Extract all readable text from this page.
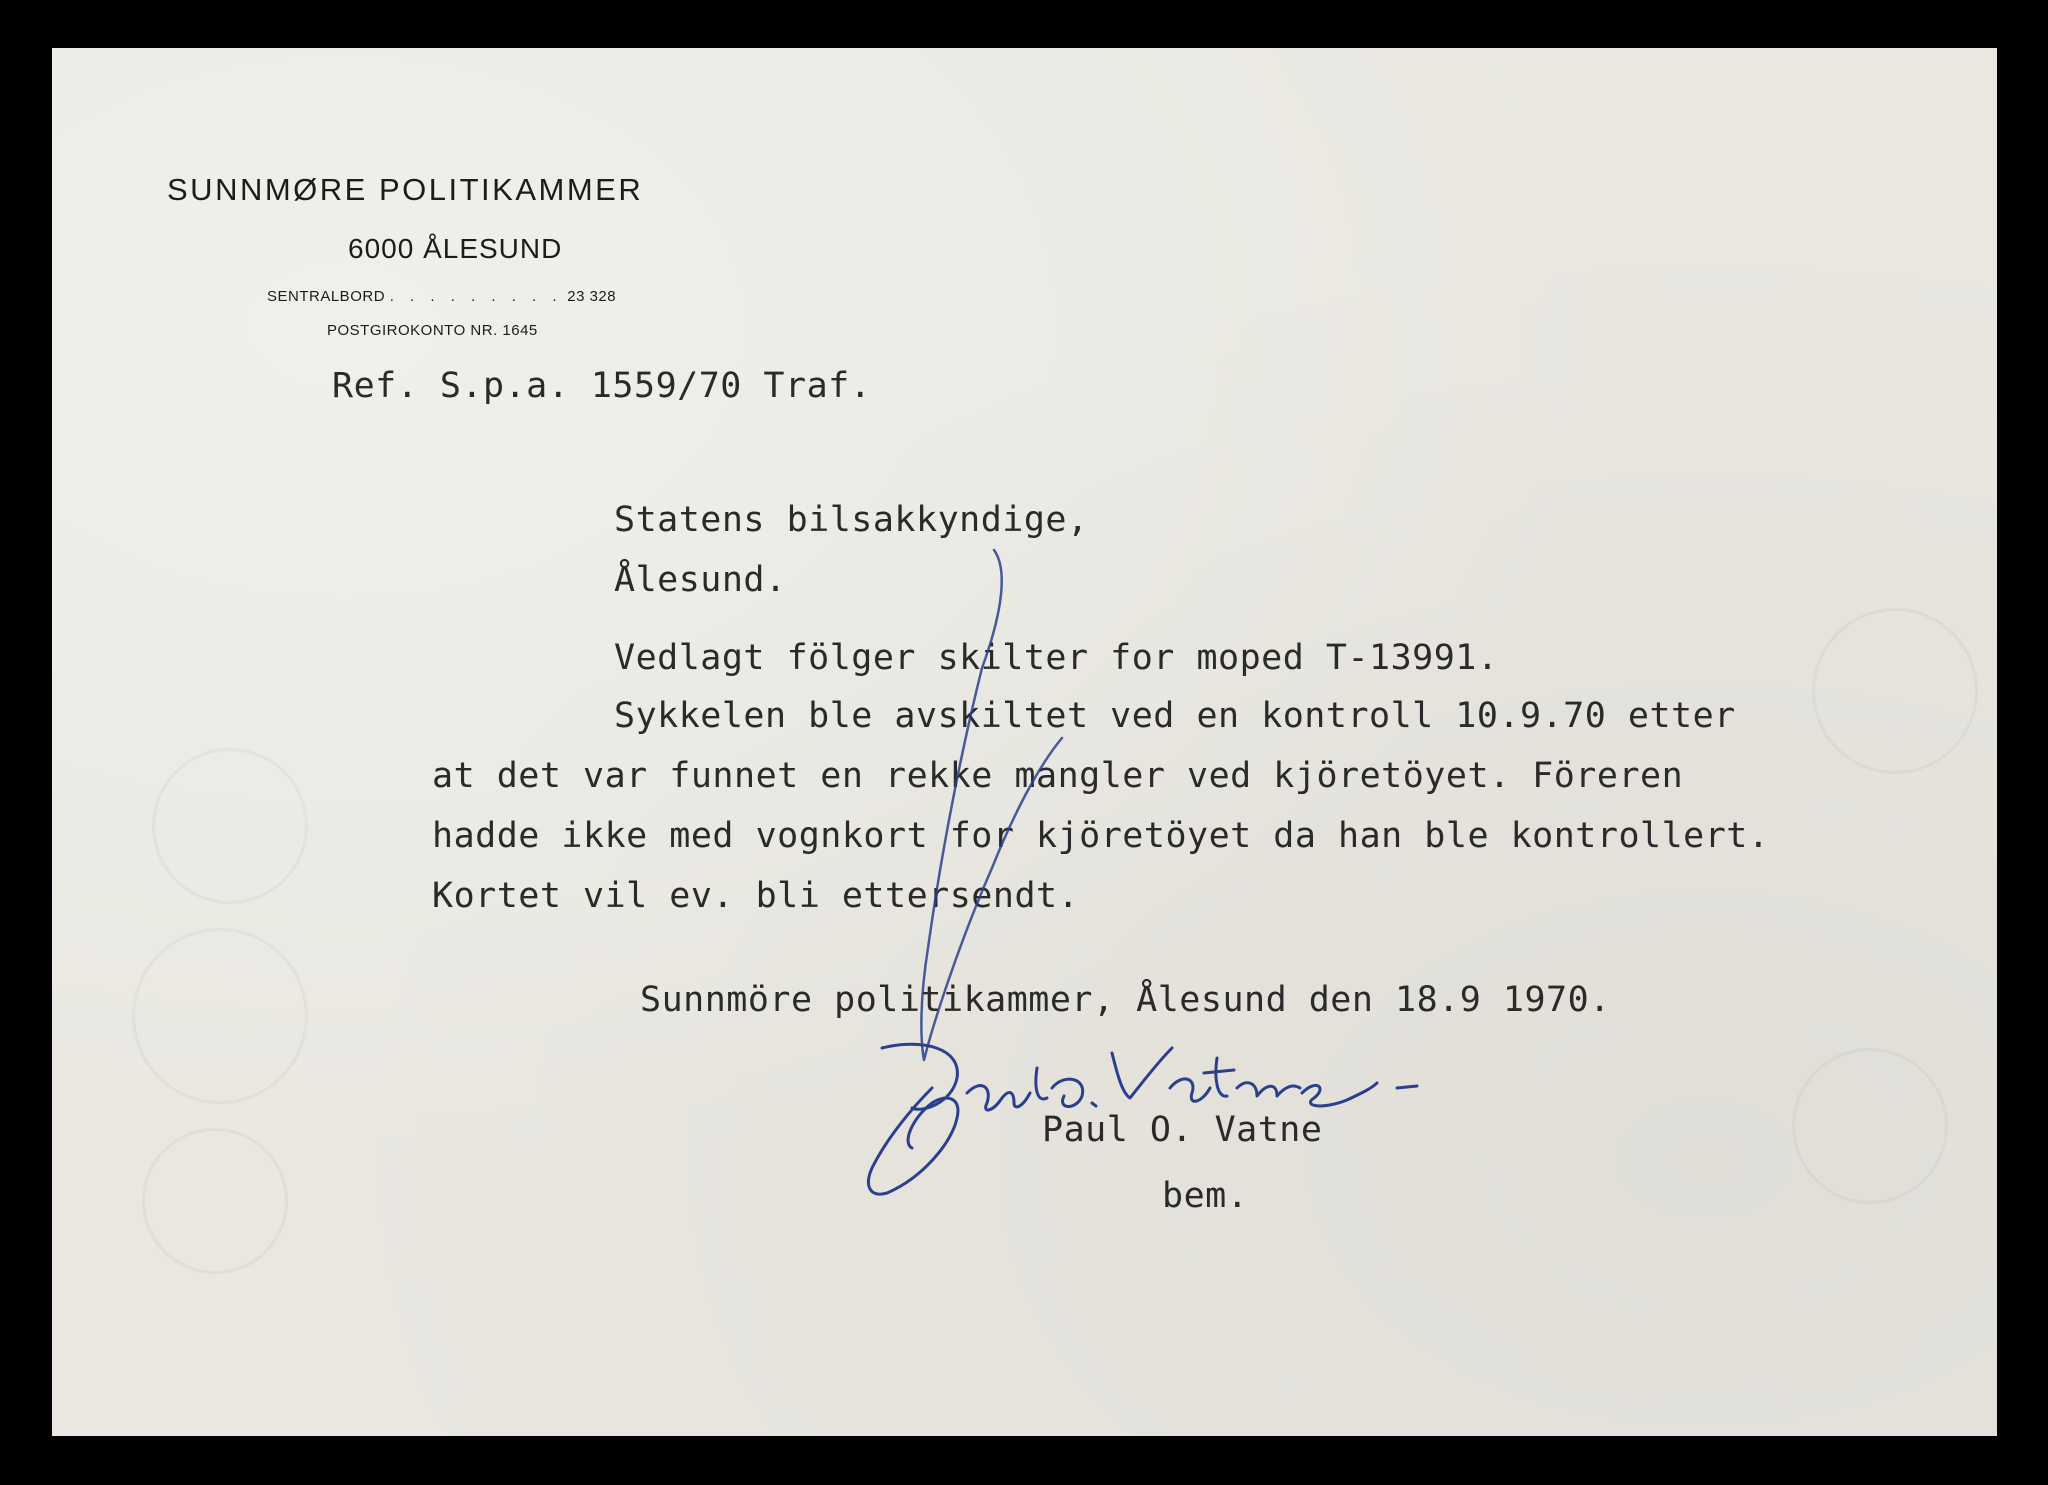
SUNNMØRE POLITIKAMMER
6000 ÅLESUND
SENTRALBORD . . . . . . . . . 23 328
POSTGIROKONTO NR. 1645
Ref. S.p.a. 1559/70 Traf.
Statens bilsakkyndige,
Ålesund.
Vedlagt fölger skilter for moped T-13991.
Sykkelen ble avskiltet ved en kontroll 10.9.70 etter
at det var funnet en rekke mangler ved kjöretöyet. Föreren
hadde ikke med vognkort for kjöretöyet da han ble kontrollert.
Kortet vil ev. bli ettersendt.
Sunnmöre politikammer, Ålesund den 18.9 1970.
Paul O. Vatne
bem.
